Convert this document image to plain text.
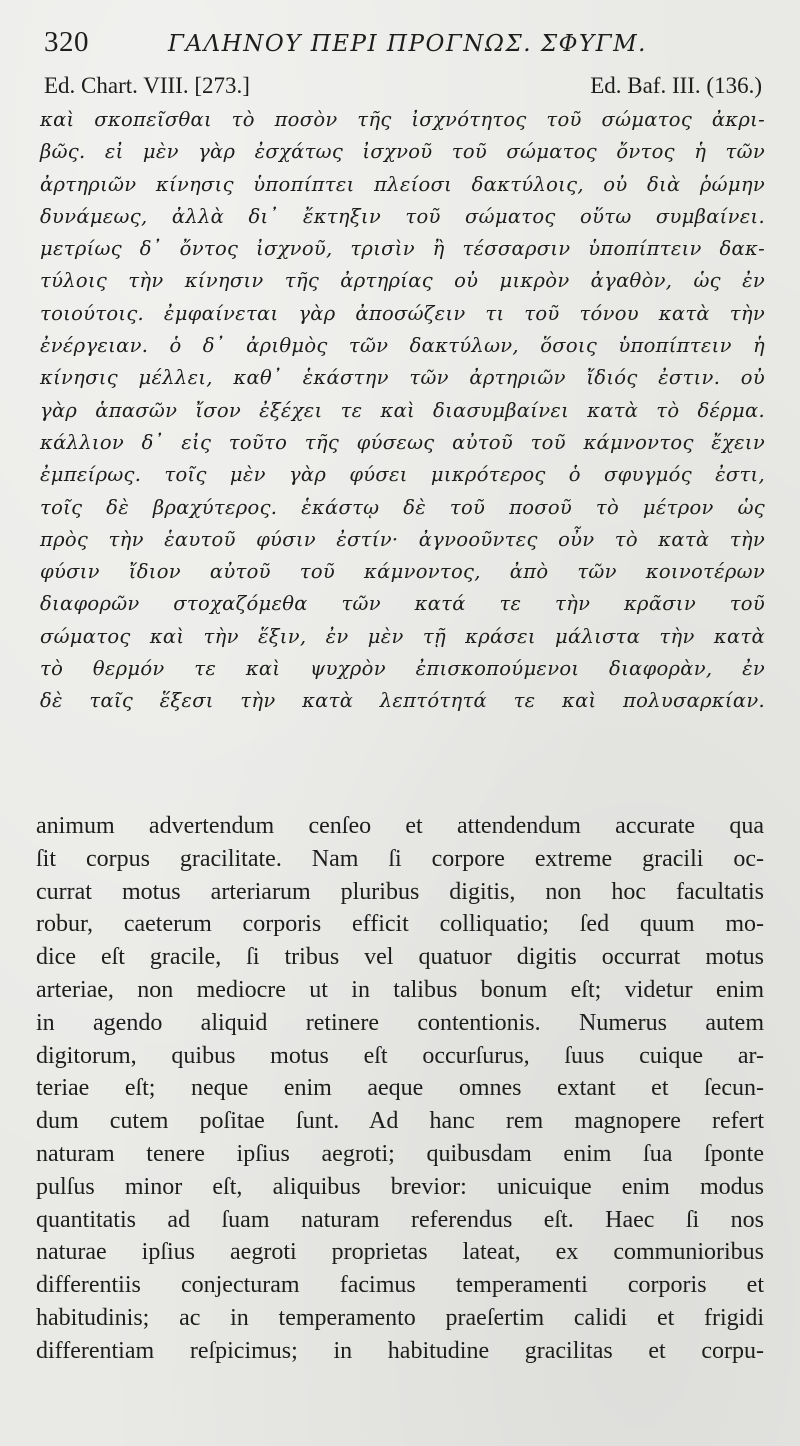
320	ΓΑΛΗΝΟΥ ΠΕΡΙ ΠΡΟΓΝΩΣ. ΣΦΥΓΜ.
Ed. Chart. VIII. [273.]	Ed. Baf. III. (136.)
καὶ σκοπεῖσθαι τὸ ποσὸν τῆς ἰσχνότητος τοῦ σώματος ἀκρι-
βῶς. εἰ μὲν γὰρ ἐσχάτως ἰσχνοῦ τοῦ σώματος ὄντος ἡ τῶν
ἀρτηριῶν κίνησις ὑποπίπτει πλείοσι δακτύλοις, οὐ διὰ ῥώμην
δυνάμεως, ἀλλὰ δι᾽ ἔκτηξιν τοῦ σώματος οὕτω συμβαίνει.
μετρίως δ᾽ ὄντος ἰσχνοῦ, τρισὶν ἢ τέσσαρσιν ὑποπίπτειν δακ-
τύλοις τὴν κίνησιν τῆς ἀρτηρίας οὐ μικρὸν ἀγαθὸν, ὡς ἐν
τοιούτοις. ἐμφαίνεται γὰρ ἀποσώζειν τι τοῦ τόνου κατὰ τὴν
ἐνέργειαν. ὁ δ᾽ ἀριθμὸς τῶν δακτύλων, ὅσοις ὑποπίπτειν ἡ
κίνησις μέλλει, καθ᾽ ἑκάστην τῶν ἀρτηριῶν ἴδιός ἐστιν. οὐ
γὰρ ἁπασῶν ἴσον ἐξέχει τε καὶ διασυμβαίνει κατὰ τὸ δέρμα.
κάλλιον δ᾽ εἰς τοῦτο τῆς φύσεως αὐτοῦ τοῦ κάμνοντος ἔχειν
ἐμπείρως. τοῖς μὲν γὰρ φύσει μικρότερος ὁ σφυγμός ἐστι,
τοῖς δὲ βραχύτερος. ἑκάστῳ δὲ τοῦ ποσοῦ τὸ μέτρον ὡς
πρὸς τὴν ἑαυτοῦ φύσιν ἐστίν· ἀγνοοῦντες οὖν τὸ κατὰ τὴν
φύσιν ἴδιον αὐτοῦ τοῦ κάμνοντος, ἀπὸ τῶν κοινοτέρων
διαφορῶν στοχαζόμεθα τῶν κατά τε τὴν κρᾶσιν τοῦ
σώματος καὶ τὴν ἕξιν, ἐν μὲν τῇ κράσει μάλιστα τὴν κατὰ
τὸ θερμόν τε καὶ ψυχρὸν ἐπισκοπούμενοι διαφορὰν, ἐν
δὲ ταῖς ἕξεσι τὴν κατὰ λεπτότητά τε καὶ πολυσαρκίαν.
animum advertendum cenſeo et attendendum accurate qua
ſit corpus gracilitate. Nam ſi corpore extreme gracili oc-
currat motus arteriarum pluribus digitis, non hoc facultatis
robur, caeterum corporis efficit colliquatio; ſed quum mo-
dice eſt gracile, ſi tribus vel quatuor digitis occurrat motus
arteriae, non mediocre ut in talibus bonum eſt; videtur enim
in agendo aliquid retinere contentionis. Numerus autem
digitorum, quibus motus eſt occurſurus, ſuus cuique ar-
teriae eſt; neque enim aeque omnes extant et ſecun-
dum cutem poſitae ſunt. Ad hanc rem magnopere refert
naturam tenere ipſius aegroti; quibusdam enim ſua ſponte
pulſus minor eſt, aliquibus brevior: unicuique enim modus
quantitatis ad ſuam naturam referendus eſt. Haec ſi nos
naturae ipſius aegroti proprietas lateat, ex communioribus
differentiis conjecturam facimus temperamenti corporis et
habitudinis; ac in temperamento praeſertim calidi et frigidi
differentiam reſpicimus; in habitudine gracilitas et corpu-
